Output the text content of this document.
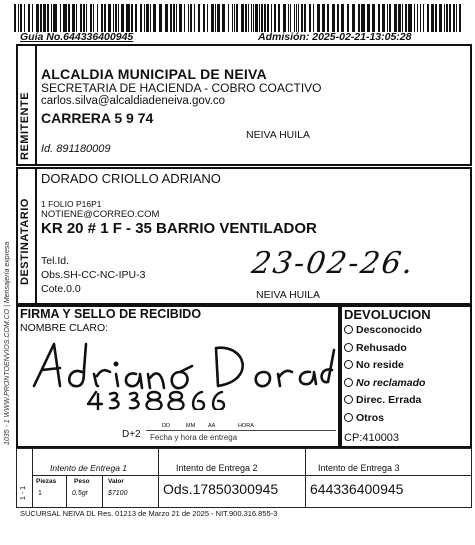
Guía No.644336400945	Admisión: 2025-02-21-13:05:28
REMITENTE
ALCALDIA MUNICIPAL DE NEIVA
SECRETARIA DE HACIENDA - COBRO COACTIVO
carlos.silva@alcaldiadeneiva.gov.co
CARRERA 5 9 74
NEIVA HUILA
Id. 891180009
1035 - 1 WWW.PRONTOENVIOS.COM.CO | Mensajería expresa
DESTINATARIO
DORADO CRIOLLO ADRIANO
1 FOLIO P16P1
NOTIENE@CORREO.COM
KR 20 # 1 F - 35 BARRIO VENTILADOR
Tel.Id.
Obs.SH-CC-NC-IPU-3
Cote.0.0	NEIVA HUILA
23-02-26.
FIRMA Y SELLO DE RECIBIDO
NOMBRE CLARO:
D+2
DD	MM AA	HORA
Fecha y hora de entrega
DEVOLUCION
Desconocido
Rehusado
No reside
No reclamado
Direc. Errada
Otros
CP:410003
1 - 1
Intento de Entrega 1	Intento de Entrega 2	Intento de Entrega 3
Piezas
1
Peso
0.5gr
Valor
$7100	Ods.17850300945 644336400945
SUCURSAL NEIVA DL Res. 01213 de Marzo 21 de 2025 - NIT.900.316.855-3
